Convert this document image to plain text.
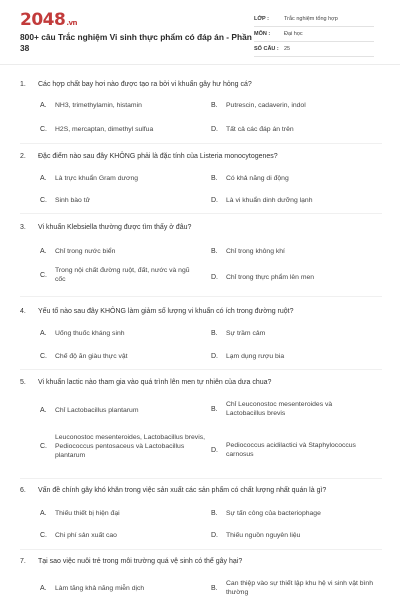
2048.vn
800+ câu Trắc nghiệm Vi sinh thực phẩm có đáp án - Phần 38
LỚP :	Trắc nghiệm tổng hợp
MÔN :	Đại học
SỐ CÂU : 25
1. Các hợp chất bay hơi nào được tạo ra bởi vi khuẩn gây hư hỏng cá?
A.	NH3, trimethylamin, histamin	B.	Putrescin, cadaverin, indol
C.	H2S, mercaptan, dimethyl sulfua	D.	Tất cả các đáp án trên
2. Đặc điểm nào sau đây KHÔNG phải là đặc tính của Listeria monocytogenes?
A.	Là trực khuẩn Gram dương	B.	Có khả năng di động
C.	Sinh bào tử	D.	Là vi khuẩn dinh dưỡng lạnh
3. Vi khuẩn Klebsiella thường được tìm thấy ở đâu?
A.	Chỉ trong nước biển	B.	Chỉ trong không khí
C.
Trong nội chất đường ruột, đất, nước và ngũ cốc	D.	Chỉ trong thực phẩm lên men
4. Yếu tố nào sau đây KHÔNG làm giảm số lượng vi khuẩn có ích trong đường ruột?
A.	Uống thuốc kháng sinh	B.	Sự trầm cảm
C.	Chế độ ăn giàu thực vật	D.	Lạm dụng rượu bia
5. Vi khuẩn lactic nào tham gia vào quá trình lên men tự nhiên của dưa chua?
A.	Chỉ Lactobacillus plantarum	B.
Chỉ Leuconostoc mesenteroides và Lactobacillus brevis
C.
Leuconostoc mesenteroides, Lactobacillus brevis, Pediococcus pentosaceus và Lactobacillus plantarum
D.
Pediococcus acidilactici và Staphylococcus carnosus
6. Vấn đề chính gây khó khăn trong việc sản xuất các sản phẩm có chất lượng nhất quán là gì?
A.	Thiếu thiết bị hiện đại	B.	Sự tấn công của bacteriophage
C.	Chi phí sản xuất cao	D.	Thiếu nguồn nguyên liệu
7. Tại sao việc nuôi trẻ trong môi trường quá vệ sinh có thể gây hại?
A.	Làm tăng khả năng miễn dịch	B.
Can thiệp vào sự thiết lập khu hệ vi sinh vật bình thường
